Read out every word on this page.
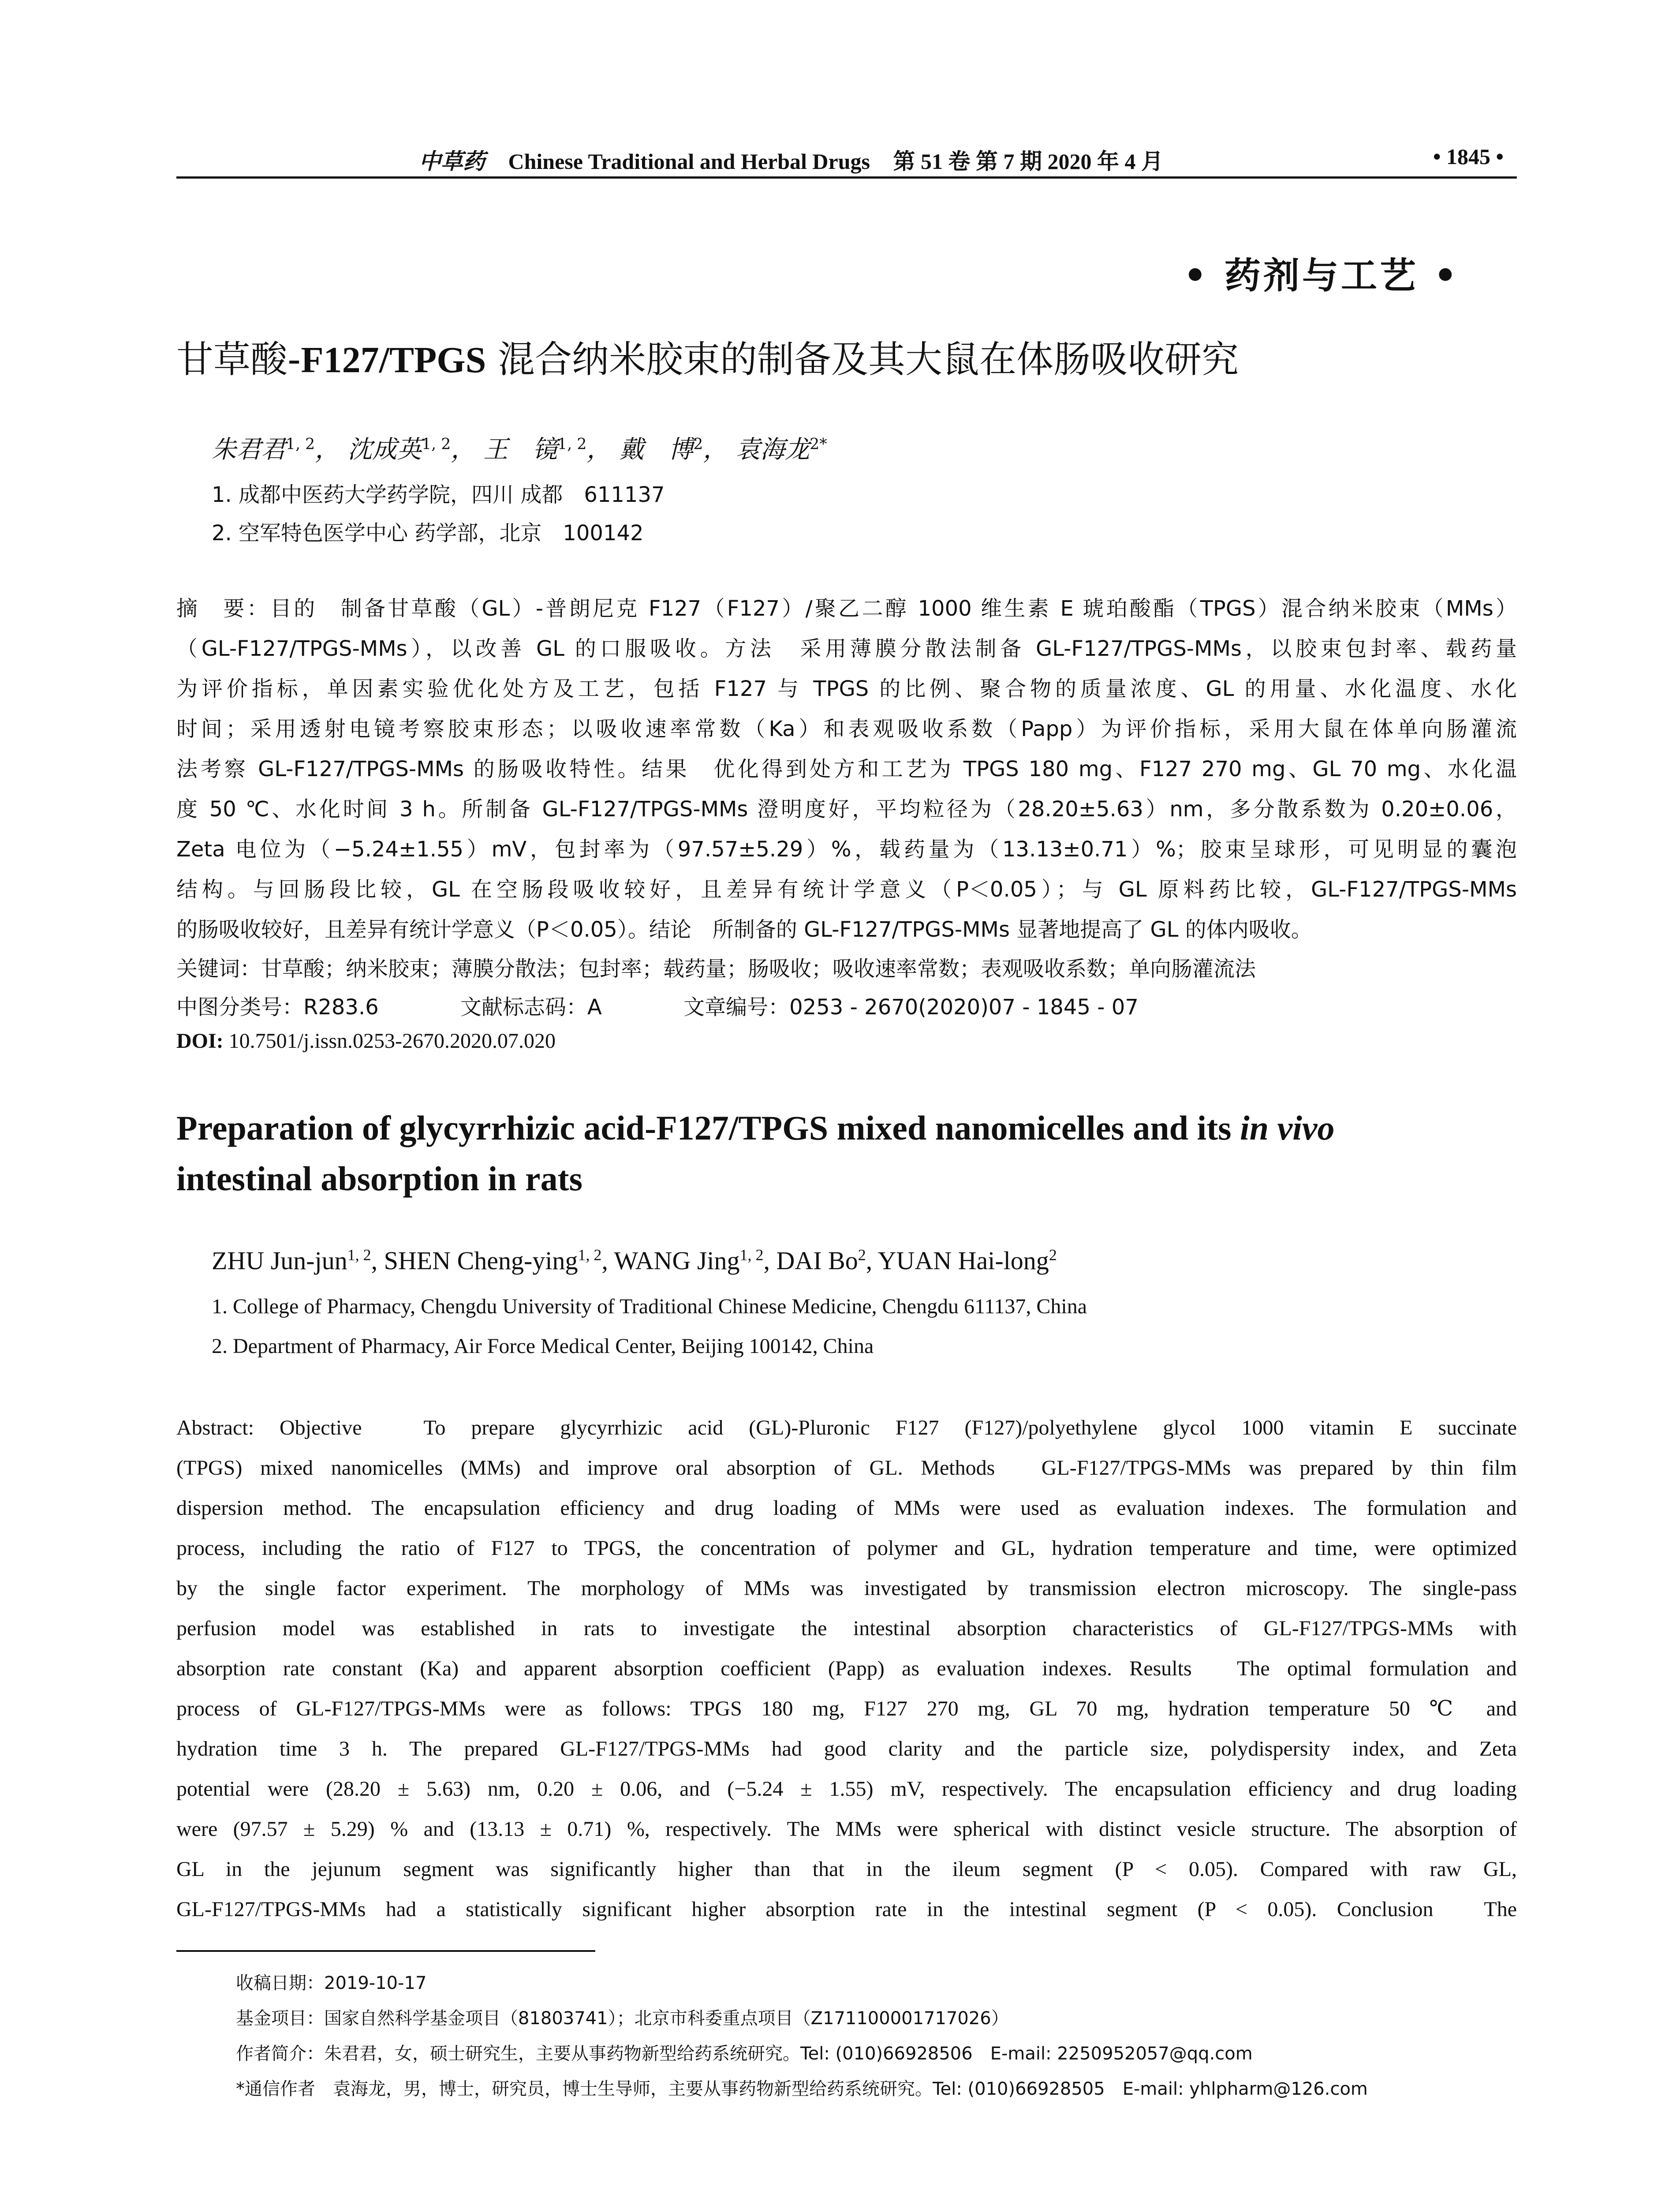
中草药 Chinese Traditional and Herbal Drugs 第 51 卷 第 7 期 2020 年 4 月	• 1845 •
• 药剂与工艺 •
甘草酸-F127/TPGS 混合纳米胶束的制备及其大鼠在体肠吸收研究
朱君君$^{1, 2}$， 沈成英$^{1, 2}$， 王　镜$^{1, 2}$， 戴　博$^2$， 袁海龙$^{2*}$
1. 成都中医药大学药学院，四川 成都　611137
2. 空军特色医学中心 药学部，北京　100142
摘　要：目的　制备甘草酸（GL）-普朗尼克 F127（F127）/聚乙二醇 1000 维生素 E 琥珀酸酯（TPGS）混合纳米胶束（MMs）
（GL-F127/TPGS-MMs），以改善 GL 的口服吸收。方法　采用薄膜分散法制备 GL-F127/TPGS-MMs，以胶束包封率、载药量
为评价指标，单因素实验优化处方及工艺，包括 F127 与 TPGS 的比例、聚合物的质量浓度、GL 的用量、水化温度、水化
时间；采用透射电镜考察胶束形态；以吸收速率常数（Ka）和表观吸收系数（Papp）为评价指标，采用大鼠在体单向肠灌流
法考察 GL-F127/TPGS-MMs 的肠吸收特性。结果　优化得到处方和工艺为 TPGS 180 mg、F127 270 mg、GL 70 mg、水化温
度 50 ℃、水化时间 3 h。所制备 GL-F127/TPGS-MMs 澄明度好，平均粒径为（28.20±5.63）nm，多分散系数为 0.20±0.06，
Zeta 电位为（−5.24±1.55）mV，包封率为（97.57±5.29）%，载药量为（13.13±0.71）%；胶束呈球形，可见明显的囊泡
结构。与回肠段比较，GL 在空肠段吸收较好，且差异有统计学意义（P＜0.05）；与 GL 原料药比较，GL-F127/TPGS-MMs
的肠吸收较好，且差异有统计学意义（P＜0.05）。结论　所制备的 GL-F127/TPGS-MMs 显著地提高了 GL 的体内吸收。
关键词：甘草酸；纳米胶束；薄膜分散法；包封率；载药量；肠吸收；吸收速率常数；表观吸收系数；单向肠灌流法
中图分类号：R283.6	文献标志码：A	文章编号：0253 - 2670(2020)07 - 1845 - 07
DOI: 10.7501/j.issn.0253-2670.2020.07.020
Preparation of glycyrrhizic acid-F127/TPGS mixed nanomicelles and its in vivo
intestinal absorption in rats
ZHU Jun-jun$^{1, 2}$, SHEN Cheng-ying$^{1, 2}$, WANG Jing$^{1, 2}$, DAI Bo$^2$, YUAN Hai-long$^2$
1. College of Pharmacy, Chengdu University of Traditional Chinese Medicine, Chengdu 611137, China
2. Department of Pharmacy, Air Force Medical Center, Beijing 100142, China
Abstract: Objective　To prepare glycyrrhizic acid (GL)-Pluronic F127 (F127)/polyethylene glycol 1000 vitamin E succinate
(TPGS) mixed nanomicelles (MMs) and improve oral absorption of GL. Methods　GL-F127/TPGS-MMs was prepared by thin film
dispersion method. The encapsulation efficiency and drug loading of MMs were used as evaluation indexes. The formulation and
process, including the ratio of F127 to TPGS, the concentration of polymer and GL, hydration temperature and time, were optimized
by the single factor experiment. The morphology of MMs was investigated by transmission electron microscopy. The single-pass
perfusion model was established in rats to investigate the intestinal absorption characteristics of GL-F127/TPGS-MMs with
absorption rate constant (Ka) and apparent absorption coefficient (Papp) as evaluation indexes. Results　The optimal formulation and
process of GL-F127/TPGS-MMs were as follows: TPGS 180 mg, F127 270 mg, GL 70 mg, hydration temperature 50 ℃ and
hydration time 3 h. The prepared GL-F127/TPGS-MMs had good clarity and the particle size, polydispersity index, and Zeta
potential were (28.20 ± 5.63) nm, 0.20 ± 0.06, and (−5.24 ± 1.55) mV, respectively. The encapsulation efficiency and drug loading
were (97.57 ± 5.29) % and (13.13 ± 0.71) %, respectively. The MMs were spherical with distinct vesicle structure. The absorption of
GL in the jejunum segment was significantly higher than that in the ileum segment (P < 0.05). Compared with raw GL,
GL-F127/TPGS-MMs had a statistically significant higher absorption rate in the intestinal segment (P < 0.05). Conclusion　The
收稿日期：2019-10-17
基金项目：国家自然科学基金项目（81803741）；北京市科委重点项目（Z171100001717026）
作者简介：朱君君，女，硕士研究生，主要从事药物新型给药系统研究。Tel: (010)66928506　E-mail: 2250952057@qq.com
*通信作者　袁海龙，男，博士，研究员，博士生导师，主要从事药物新型给药系统研究。Tel: (010)66928505　E-mail: yhlpharm@126.com
